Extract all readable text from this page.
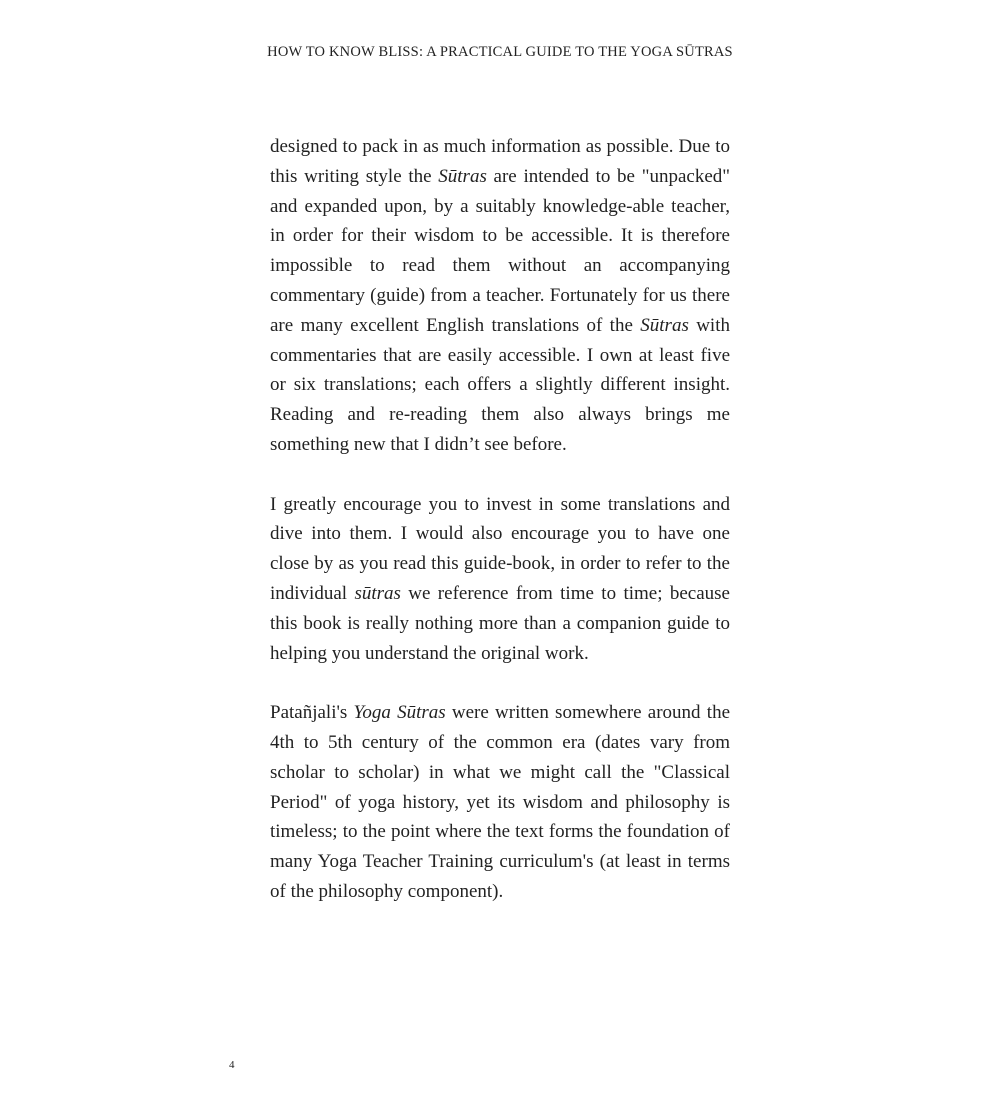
HOW TO KNOW BLISS: A PRACTICAL GUIDE TO THE YOGA SŪTRAS

designed to pack in as much information as possible. Due to this writing style the Sūtras are intended to be "unpacked" and expanded upon, by a suitably knowledge-able teacher, in order for their wisdom to be accessible. It is therefore impossible to read them without an accompanying commentary (guide) from a teacher. Fortunately for us there are many excellent English translations of the Sūtras with commentaries that are easily accessible. I own at least five or six translations; each offers a slightly different insight. Reading and re-reading them also always brings me something new that I didn’t see before.

I greatly encourage you to invest in some translations and dive into them. I would also encourage you to have one close by as you read this guide-book, in order to refer to the individual sūtras we reference from time to time; because this book is really nothing more than a companion guide to helping you understand the original work.

Patañjali's Yoga Sūtras were written somewhere around the 4th to 5th century of the common era (dates vary from scholar to scholar) in what we might call the "Classical Period" of yoga history, yet its wisdom and philosophy is timeless; to the point where the text forms the foundation of many Yoga Teacher Training curriculum's (at least in terms of the philosophy component).

4
